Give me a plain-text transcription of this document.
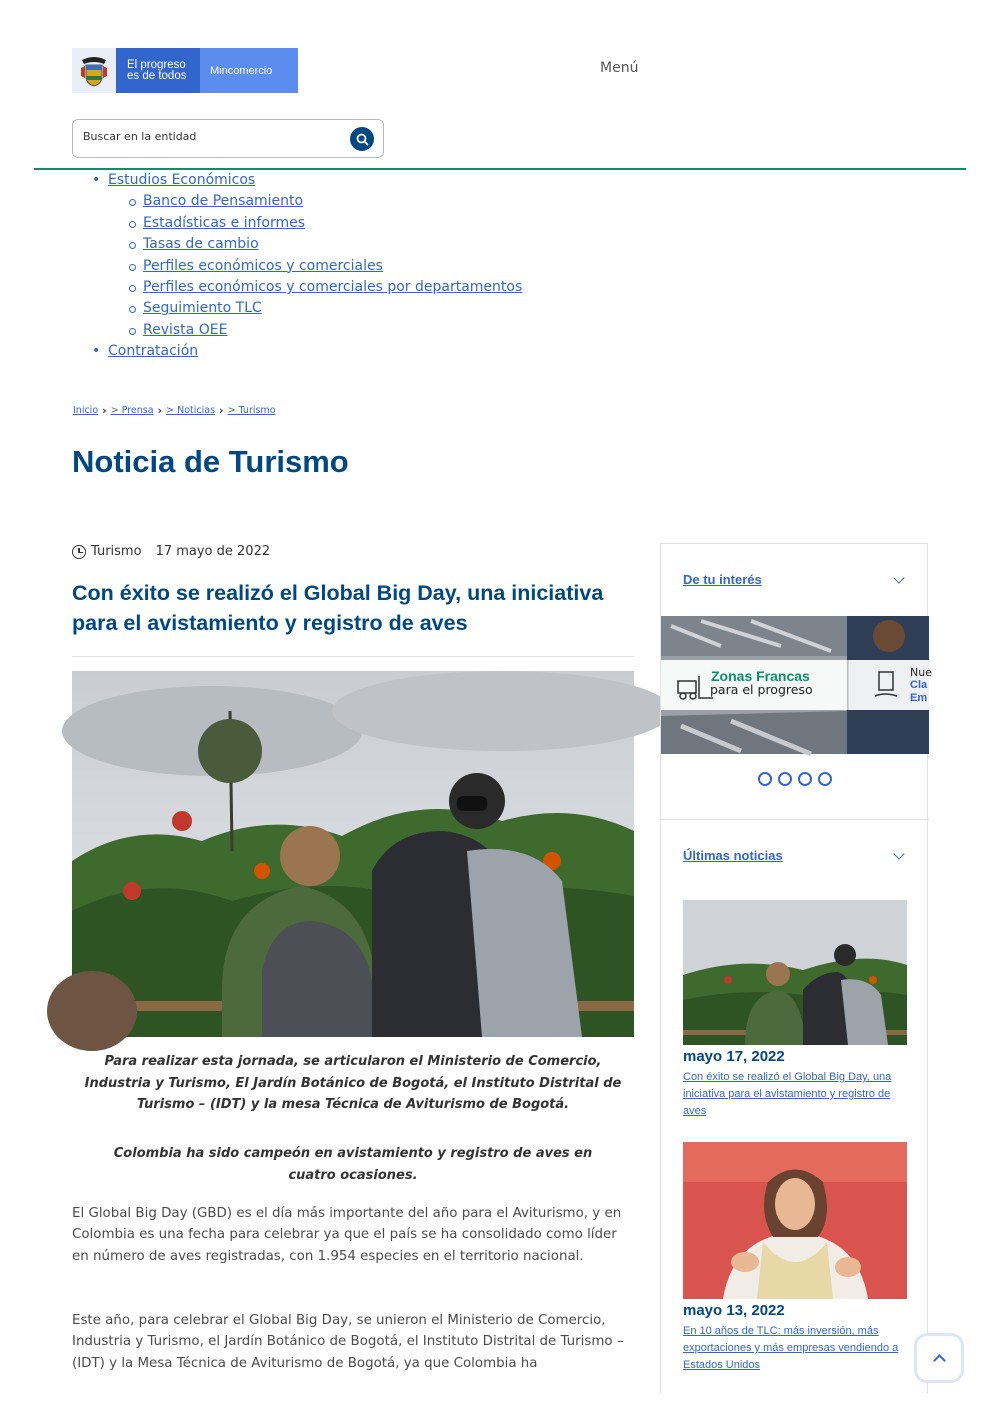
El progreso es de todos	Mincomercio	Menú
Buscar en la entidad
• Estudios Económicos
Banco de Pensamiento
Estadísticas e informes
Tasas de cambio
Perfiles económicos y comerciales
Perfiles económicos y comerciales por departamentos
Seguimiento TLC
Revista OEE
• Contratación
Inicio › > Prensa › > Noticias › > Turismo
Noticia de Turismo
Turismo 17 mayo de 2022
Con éxito se realizó el Global Big Day, una iniciativa para el avistamiento y registro de aves

Para realizar esta jornada, se articularon el Ministerio de Comercio, Industria y Turismo, El Jardín Botánico de Bogotá, el Instituto Distrital de Turismo – (IDT) y la mesa Técnica de Aviturismo de Bogotá.

Colombia ha sido campeón en avistamiento y registro de aves en cuatro ocasiones.

El Global Big Day (GBD) es el día más importante del año para el Aviturismo, y en Colombia es una fecha para celebrar ya que el país se ha consolidado como líder en número de aves registradas, con 1.954 especies en el territorio nacional.

Este año, para celebrar el Global Big Day, se unieron el Ministerio de Comercio, Industria y Turismo, el Jardín Botánico de Bogotá, el Instituto Distrital de Turismo – (IDT) y la Mesa Técnica de Aviturismo de Bogotá, ya que Colombia ha

De tu interés
Zonas Francas
para el progreso
Nue
Cla
Em
Últimas noticias
mayo 17, 2022
Con éxito se realizó el Global Big Day, una iniciativa para el avistamiento y registro de aves
mayo 13, 2022
En 10 años de TLC: más inversión, más exportaciones y más empresas vendiendo a Estados Unidos
